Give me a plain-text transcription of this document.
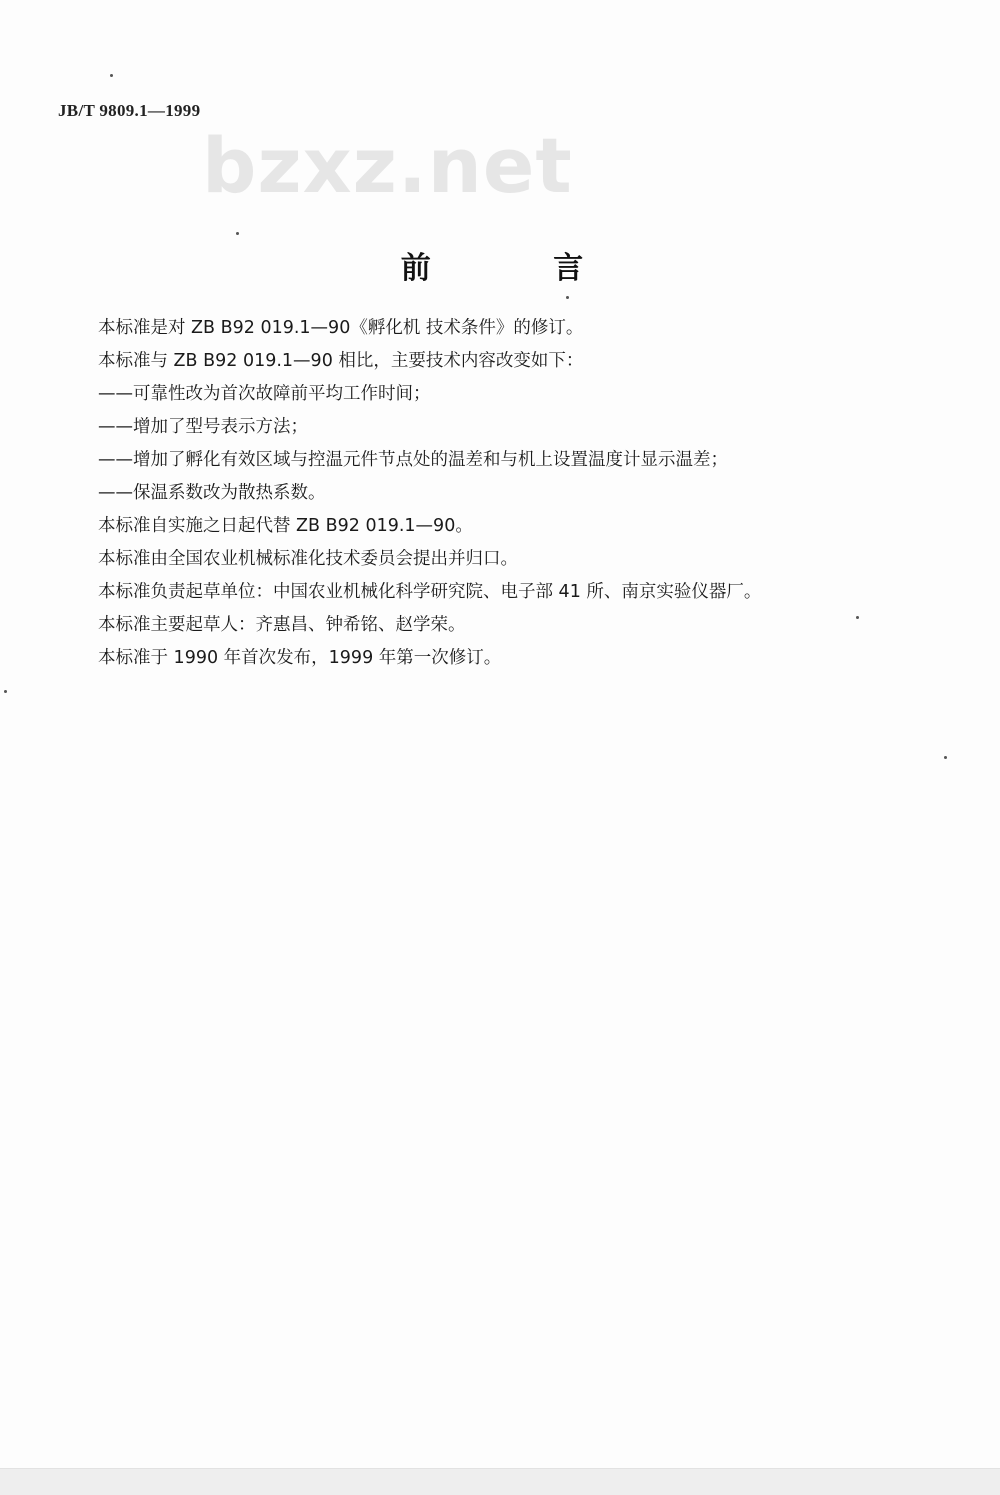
JB/T 9809.1—1999
bzxz.net
前 言
本标准是对 ZB B92 019.1—90《孵化机 技术条件》的修订。
本标准与 ZB B92 019.1—90 相比，主要技术内容改变如下：
——可靠性改为首次故障前平均工作时间；
——增加了型号表示方法；
——增加了孵化有效区域与控温元件节点处的温差和与机上设置温度计显示温差；
——保温系数改为散热系数。
本标准自实施之日起代替 ZB B92 019.1—90。
本标准由全国农业机械标准化技术委员会提出并归口。
本标准负责起草单位：中国农业机械化科学研究院、电子部 41 所、南京实验仪器厂。
本标准主要起草人：齐惠昌、钟希铭、赵学荣。
本标准于 1990 年首次发布，1999 年第一次修订。
